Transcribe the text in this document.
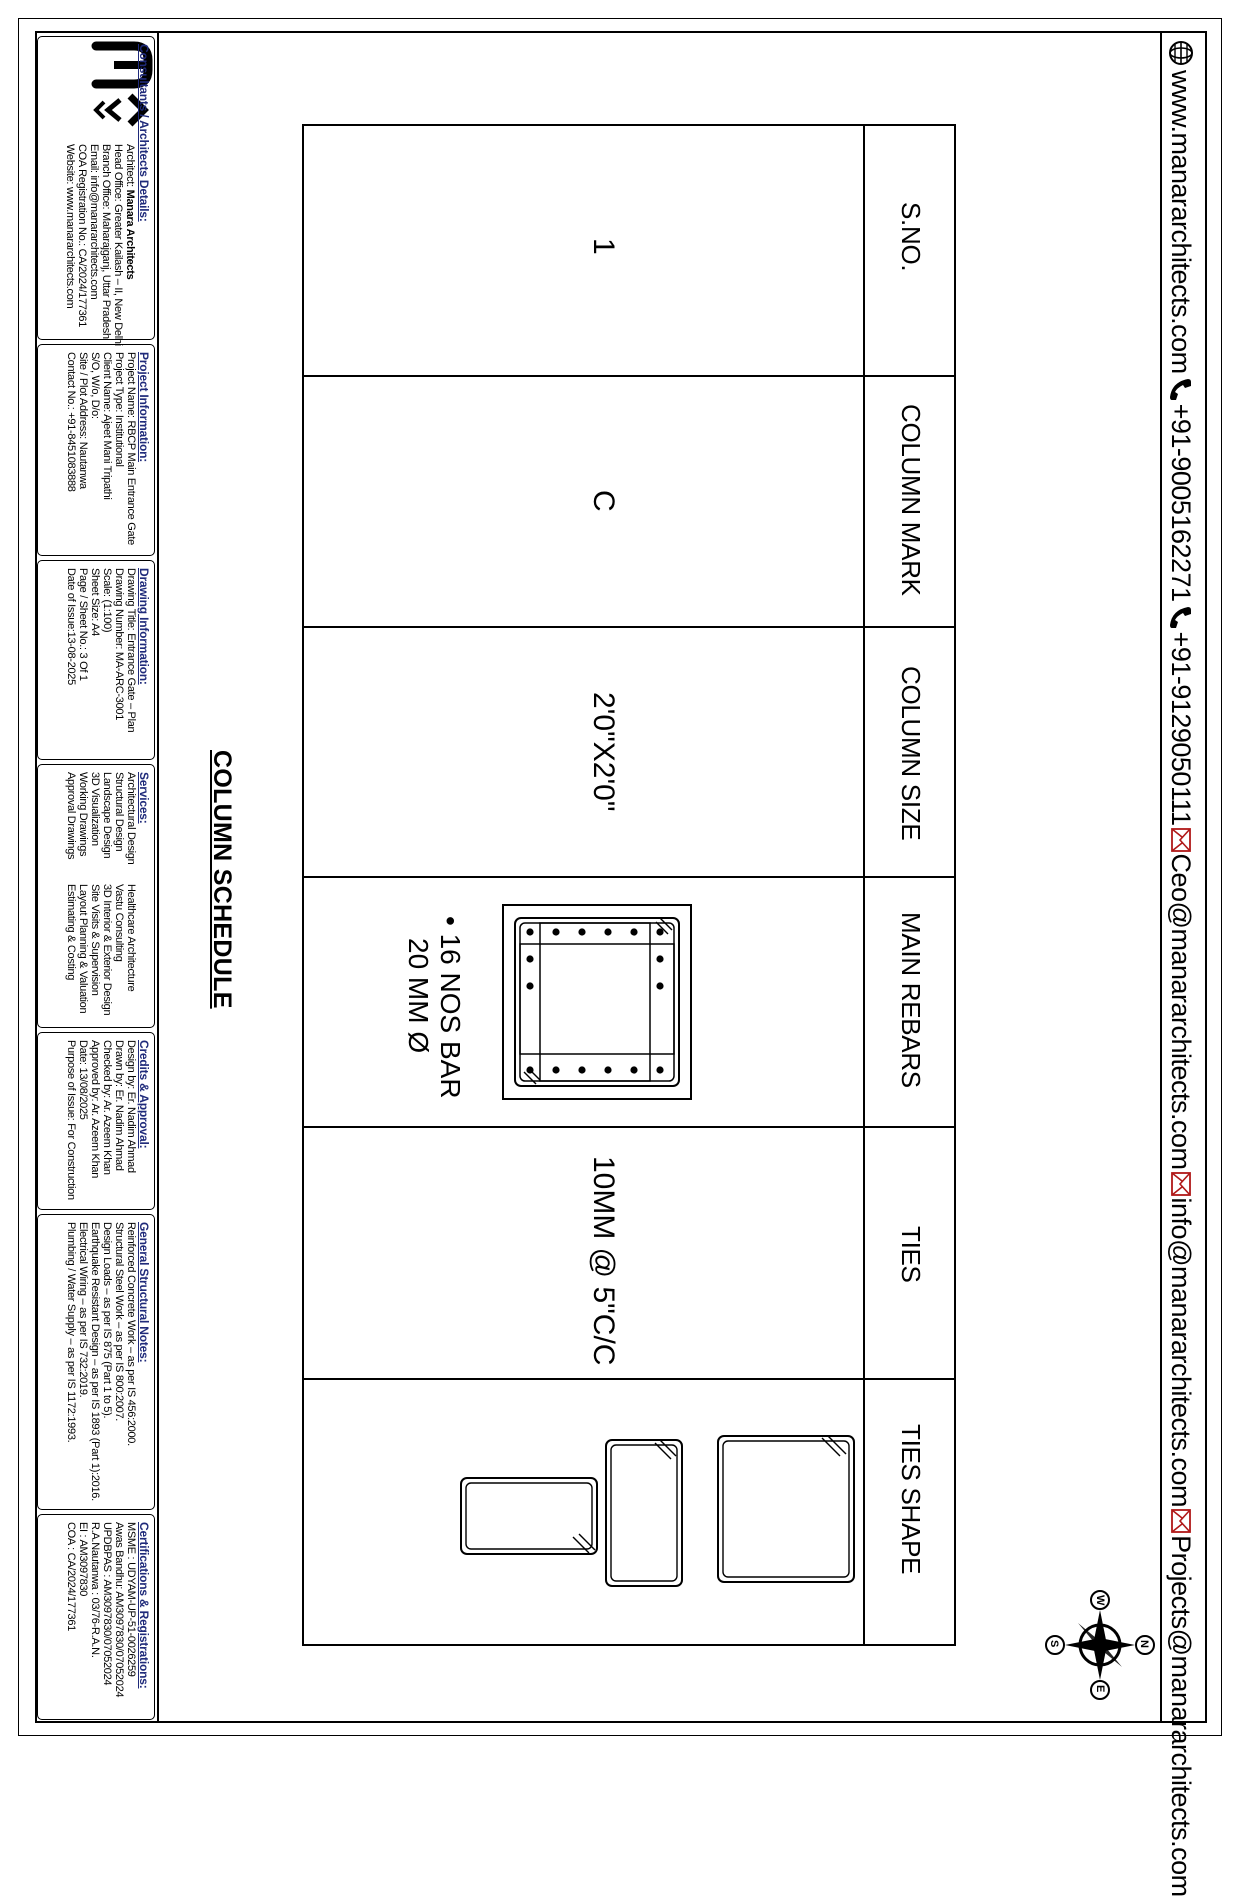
www.manararchitects.com
+91-9005162271
+91-9129050111
Ceo@manararchitects.com
info@manararchitects.com
Projects@manararchitects.com
W
E
S	N
S.NO.
COLUMN MARK
COLUMN SIZE
MAIN REBARS
TIES
TIES SHAPE
1
C
2'0"X2'0"
10MM @ 5"C/C
• 16 NOS BAR
20 MM Ø
COLUMN SCHEDULE
Consultants / Architects Details:
Architect: Manara Architects
Head Office: Greater Kailash – II, New Delhi
Branch Office: Maharajganj, Uttar Pradesh
Email: info@manararchitects.com
COA Registration No.: CA/2024/177361
Website: www.manararchitects.com
Project Information:
Project Name: RBCP Main Entrance Gate
Project Type: Institutional
Client Name: Ajeet Mani Tripathi
S/O, W/o, D/o:
Site / Plot Address: Nautanwa
Contact No.: +91-8451083888
Drawing Information:
Drawing Title: Entrance Gate – Plan
Drawing Number: MA-ARC-3001
Scale: (1:100)
Sheet Size: A4
Page / Sheet No.: 3 Of 1
Date of Issue:13-08-2025
Services:
Architectural Design
Structural Design
Landscape Design
3D Visualization
Working Drawings
Approval Drawings
Healthcare Architecture
Vastu Consulting
3D Interior & Exterior Design
Site Visits & Supervision
Layout Planning & Valuation
Estimating & Costing
Credits & Approval:
Design by: Er. Nadim Ahmad
Drawn by: Er. Nadim Ahmad
Checked by: Ar. Azeem Khan
Approved by: Ar. Azeem Khan
Date: 13/08/2025
Purpose of Issue: For Construction
General Structural Notes:
Reinforced Concrete Work – as per IS 456:2000.
Structural Steel Work – as per IS 800:2007.
Design Loads – as per IS 875 (Part 1 to 5).
Earthquake Resistant Design – as per IS 1893 (Part 1):2016.
Electrical Wiring – as per IS 732:2019.
Plumbing / Water Supply – as per IS 1172:1993.
Certifications & Registrations:
MSME : UDYAM-UP-51-0026259
Awas Bandhu: AM3097830/07052024
UPDBPAS : AM3097830/07052024
R.A.Nautanwa : 03/76-R.A.N.
EI : AM3097830
COA : CA/2024/177361
